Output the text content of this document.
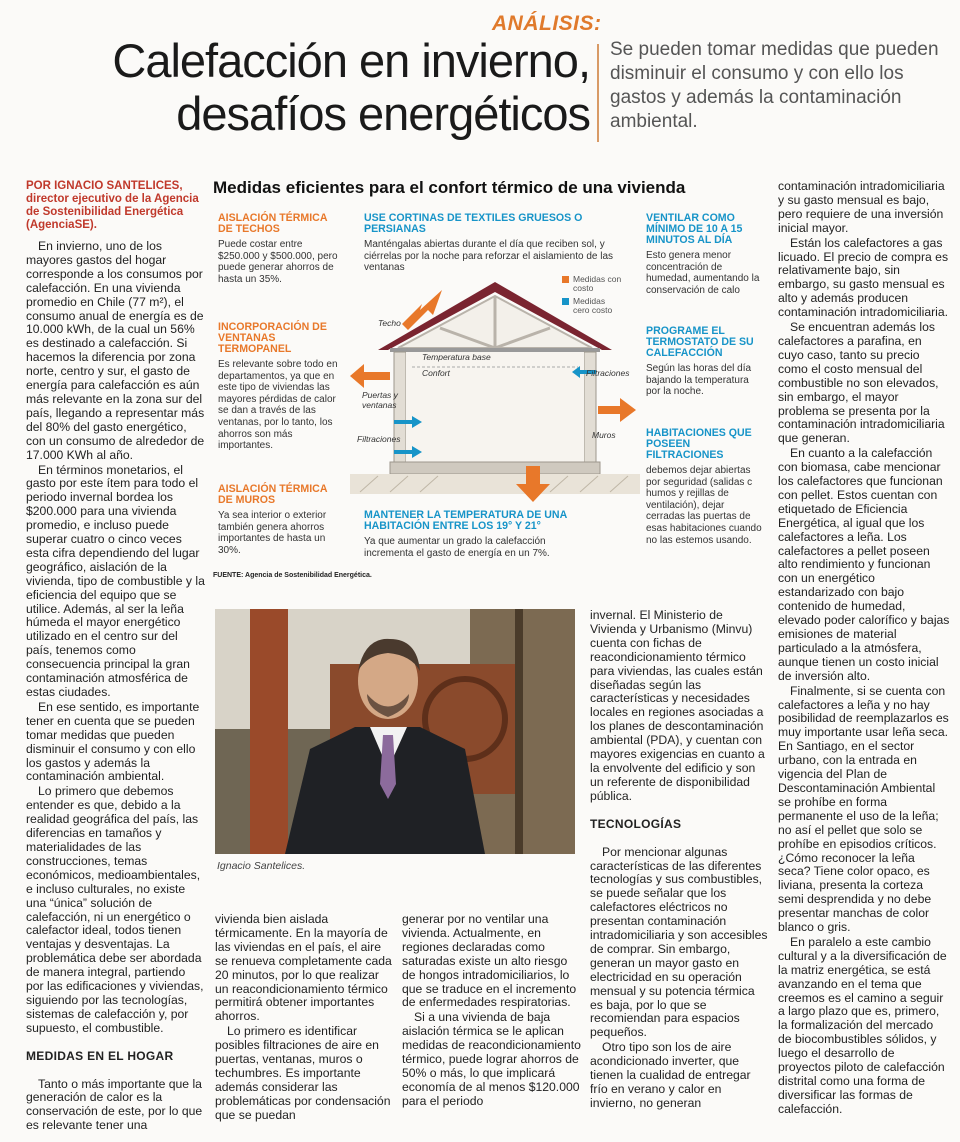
ANÁLISIS:
Calefacción en invierno,
desafíos energéticos
Se pueden tomar medidas que pueden disminuir el consumo y con ello los gastos y además la contaminación ambiental.

POR IGNACIO SANTELICES, director ejecutivo de la Agencia de Sostenibilidad Energética (AgenciaSE).

En invierno, uno de los mayores gastos del hogar corresponde a los consumos por calefacción. En una vivienda promedio en Chile (77 m²), el consumo anual de energía es de 10.000 kWh, de la cual un 56% es destinado a calefacción. Si hacemos la diferencia por zona norte, centro y sur, el gasto de energía para calefacción es aún más relevante en la zona sur del país, llegando a representar más del 80% del gasto energético, con un consumo de alrededor de 17.000 KWh al año.

En términos monetarios, el gasto por este ítem para todo el periodo invernal bordea los $200.000 para una vivienda promedio, e incluso puede superar cuatro o cinco veces esta cifra dependiendo del lugar geográfico, aislación de la vivienda, tipo de combustible y la eficiencia del equipo que se utilice. Además, al ser la leña húmeda el mayor energético utilizado en el centro sur del país, tenemos como consecuencia principal la gran contaminación atmosférica de estas ciudades.

En ese sentido, es importante tener en cuenta que se pueden tomar medidas que pueden disminuir el consumo y con ello los gastos y además la contaminación ambiental.

Lo primero que debemos entender es que, debido a la realidad geográfica del país, las diferencias en tamaños y materialidades de las construcciones, temas económicos, medioambientales, e incluso culturales, no existe una “única” solución de calefacción, ni un energético o calefactor ideal, todos tienen ventajas y desventajas. La problemática debe ser abordada de manera integral, partiendo por las edificaciones y viviendas, siguiendo por las tecnologías, sistemas de calefacción y, por supuesto, el combustible.

MEDIDAS EN EL HOGAR

Tanto o más importante que la generación de calor es la conservación de este, por lo que es relevante tener una

Medidas eficientes para el confort térmico de una vivienda
AISLACIÓN TÉRMICA DE TECHOS
Puede costar entre $250.000 y $500.000, pero puede generar ahorros de hasta un 35%.
INCORPORACIÓN DE VENTANAS TERMOPANEL
Es relevante sobre todo en departamentos, ya que en este tipo de viviendas las mayores pérdidas de calor se dan a través de las ventanas, por lo tanto, los ahorros son más importantes.
AISLACIÓN TÉRMICA DE MUROS
Ya sea interior o exterior también genera ahorros importantes de hasta un 30%.
USE CORTINAS DE TEXTILES GRUESOS O PERSIANAS
Manténgalas abiertas durante el día que reciben sol, y ciérrelas por la noche para reforzar el aislamiento de las ventanas
Medidas con costo
Medidas cero costo
Techo
Temperatura base
Confort
Puertas y ventanas
Filtraciones
Filtraciones
Muros
VENTILAR COMO MÍNIMO DE 10 A 15 MINUTOS AL DÍA
Esto genera menor concentración de humedad, aumentando la conservación de calo
PROGRAME EL TERMOSTATO DE SU CALEFACCIÓN
Según las horas del día bajando la temperatura por la noche.
HABITACIONES QUE POSEEN FILTRACIONES
debemos dejar abiertas por seguridad (salidas c humos y rejillas de ventilación), dejar cerradas las puertas de esas habitaciones cuando no las estemos usando.
MANTENER LA TEMPERATURA DE UNA HABITACIÓN ENTRE LOS 19° Y 21°
Ya que aumentar un grado la calefacción incrementa el gasto de energía en un 7%.
FUENTE: Agencia de Sostenibilidad Energética.
Ignacio Santelices.

vivienda bien aislada térmicamente. En la mayoría de las viviendas en el país, el aire se renueva completamente cada 20 minutos, por lo que realizar un reacondicionamiento térmico permitirá obtener importantes ahorros.

Lo primero es identificar posibles filtraciones de aire en puertas, ventanas, muros o techumbres. Es importante además considerar las problemáticas por condensación que se puedan

generar por no ventilar una vivienda. Actualmente, en regiones declaradas como saturadas existe un alto riesgo de hongos intradomiciliarios, lo que se traduce en el incremento de enfermedades respiratorias.

Si a una vivienda de baja aislación térmica se le aplican medidas de reacondicionamiento térmico, puede lograr ahorros de 50% o más, lo que implicará economía de al menos $120.000 para el periodo

invernal. El Ministerio de Vivienda y Urbanismo (Minvu) cuenta con fichas de reacondicionamiento térmico para viviendas, las cuales están diseñadas según las características y necesidades locales en regiones asociadas a los planes de descontaminación ambiental (PDA), y cuentan con mayores exigencias en cuanto a la envolvente del edificio y son un referente de disponibilidad pública.

TECNOLOGÍAS

Por mencionar algunas características de las diferentes tecnologías y sus combustibles, se puede señalar que los calefactores eléctricos no presentan contaminación intradomiciliaria y son accesibles de comprar. Sin embargo, generan un mayor gasto en electricidad en su operación mensual y su potencia térmica es baja, por lo que se recomiendan para espacios pequeños.

Otro tipo son los de aire acondicionado inverter, que tienen la cualidad de entregar frío en verano y calor en invierno, no generan

contaminación intradomiciliaria y su gasto mensual es bajo, pero requiere de una inversión inicial mayor.

Están los calefactores a gas licuado. El precio de compra es relativamente bajo, sin embargo, su gasto mensual es alto y además producen contaminación intradomiciliaria.

Se encuentran además los calefactores a parafina, en cuyo caso, tanto su precio como el costo mensual del combustible no son elevados, sin embargo, el mayor problema se presenta por la contaminación intradomiciliaria que generan.

En cuanto a la calefacción con biomasa, cabe mencionar los calefactores que funcionan con pellet. Estos cuentan con etiquetado de Eficiencia Energética, al igual que los calefactores a leña. Los calefactores a pellet poseen alto rendimiento y funcionan con un energético estandarizado con bajo contenido de humedad, elevado poder calorífico y bajas emisiones de material particulado a la atmósfera, aunque tienen un costo inicial de inversión alto.

Finalmente, si se cuenta con calefactores a leña y no hay posibilidad de reemplazarlos es muy importante usar leña seca. En Santiago, en el sector urbano, con la entrada en vigencia del Plan de Descontaminación Ambiental se prohíbe en forma permanente el uso de la leña; no así el pellet que solo se prohíbe en episodios críticos. ¿Cómo reconocer la leña seca? Tiene color opaco, es liviana, presenta la corteza semi desprendida y no debe presentar manchas de color blanco o gris.

En paralelo a este cambio cultural y a la diversificación de la matriz energética, se está avanzando en el tema que creemos es el camino a seguir a largo plazo que es, primero, la formalización del mercado de biocombustibles sólidos, y luego el desarrollo de proyectos piloto de calefacción distrital como una forma de diversificar las formas de calefacción.
